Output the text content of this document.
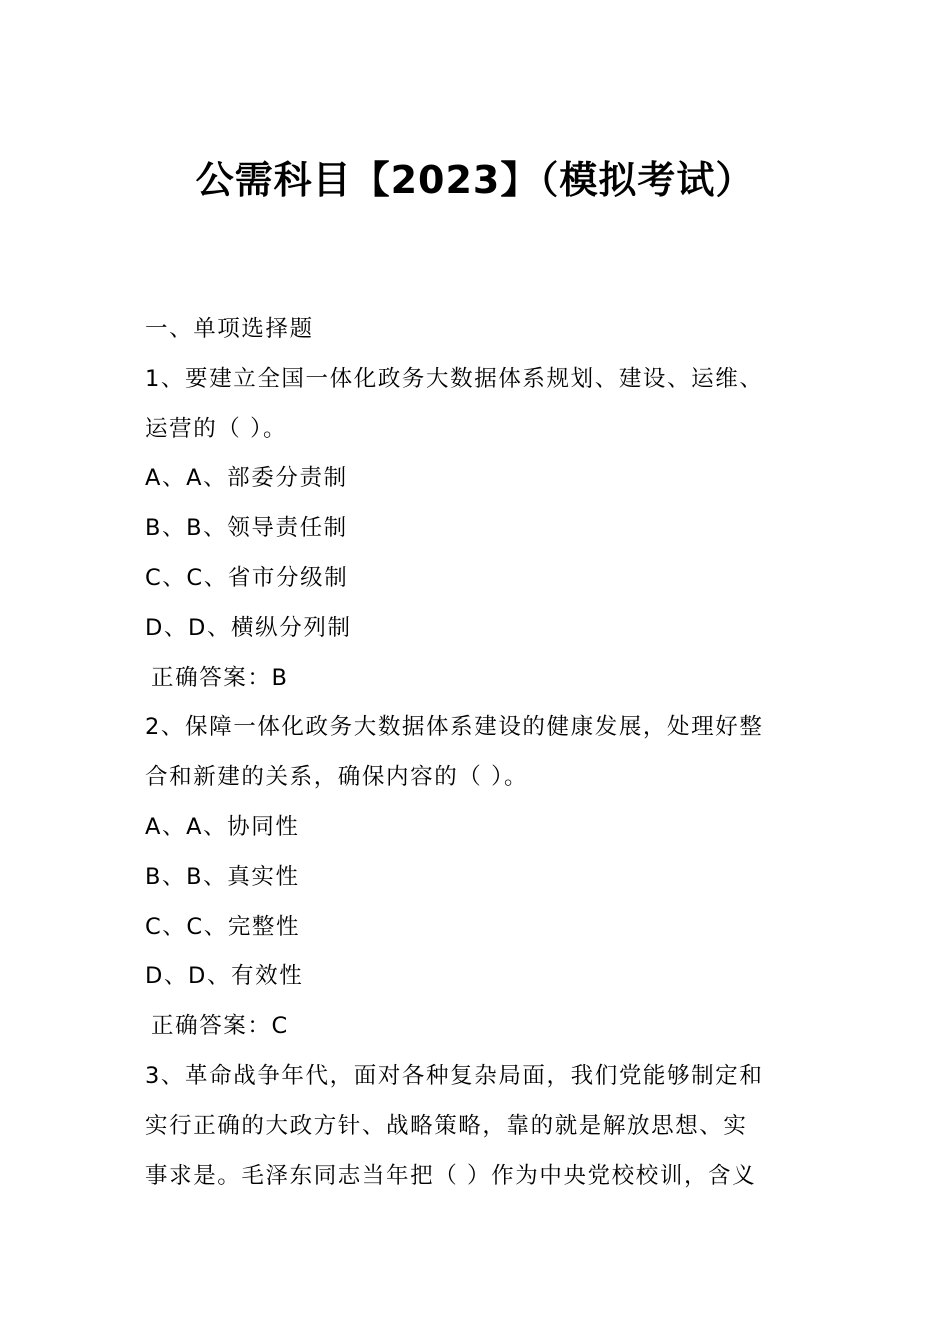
公需科目【2023】（模拟考试）
一、单项选择题
1、要建立全国一体化政务大数据体系规划、建设、运维、
运营的（ ）。
A、A、部委分责制
B、B、领导责任制
C、C、省市分级制
D、D、横纵分列制
正确答案：B
2、保障一体化政务大数据体系建设的健康发展，处理好整
合和新建的关系，确保内容的（ ）。
A、A、协同性
B、B、真实性
C、C、完整性
D、D、有效性
正确答案：C
3、革命战争年代，面对各种复杂局面，我们党能够制定和
实行正确的大政方针、战略策略，靠的就是解放思想、实
事求是。毛泽东同志当年把（ ）作为中央党校校训，含义
